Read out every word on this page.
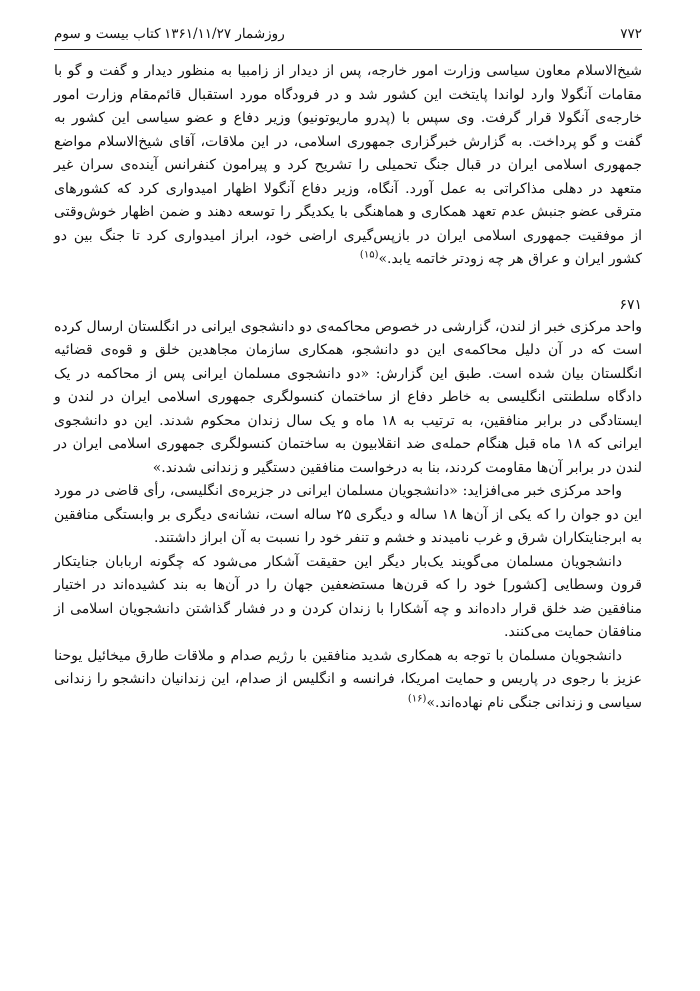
۷۷۲
روزشمار ۱۳۶۱/۱۱/۲۷
کتاب بیست و سوم

شیخ‌الاسلام معاون سیاسی وزارت امور خارجه، پس از دیدار از زامبیا به منظور دیدار و گفت و گو با مقامات آنگولا وارد لواندا پایتخت این کشور شد و در فرودگاه مورد استقبال قائم‌مقام وزارت امور خارجه‌ی آنگولا قرار گرفت. وی سپس با (پدرو ماریوتونیو) وزیر دفاع و عضو سیاسی این کشور به گفت و گو پرداخت. به گزارش خبرگزاری جمهوری اسلامی، در این ملاقات، آقای شیخ‌الاسلام مواضع جمهوری اسلامی ایران در قبال جنگ تحمیلی را تشریح کرد و پیرامون کنفرانس آینده‌ی سران غیر متعهد در دهلی مذاکراتی به عمل آورد. آنگاه، وزیر دفاع آنگولا اظهار امیدواری کرد که کشورهای مترقی عضو جنبش عدم تعهد همکاری و هماهنگی با یکدیگر را توسعه دهند و ضمن اظهار خوش‌وقتی از موفقیت جمهوری اسلامی ایران در بازپس‌گیری اراضی خود، ابراز امیدواری کرد تا جنگ بین دو کشور ایران و عراق هر چه زودتر خاتمه یابد.»$^{(۱۵)}$

۶۷۱

واحد مرکزی خبر از لندن، گزارشی در خصوص محاکمه‌ی دو دانشجوی ایرانی در انگلستان ارسال کرده است که در آن دلیل محاکمه‌ی این دو دانشجو، همکاری سازمان مجاهدین خلق و قوه‌ی قضائیه انگلستان بیان شده است. طبق این گزارش: «دو دانشجوی مسلمان ایرانی پس از محاکمه در یک دادگاه سلطنتی انگلیسی به خاطر دفاع از ساختمان کنسولگری جمهوری اسلامی ایران در لندن و ایستادگی در برابر منافقین، به ترتیب به ۱۸ ماه و یک سال زندان محکوم شدند. این دو دانشجوی ایرانی که ۱۸ ماه قبل هنگام حمله‌ی ضد انقلابیون به ساختمان کنسولگری جمهوری اسلامی ایران در لندن در برابر آن‌ها مقاومت کردند، بنا به درخواست منافقین دستگیر و زندانی شدند.»

واحد مرکزی خبر می‌افزاید: «دانشجویان مسلمان ایرانی در جزیره‌ی انگلیسی، رأی قاضی در مورد این دو جوان را که یکی از آن‌ها ۱۸ ساله و دیگری ۲۵ ساله است، نشانه‌ی دیگری بر وابستگی منافقین به ابرجنایتکاران شرق و غرب نامیدند و خشم و تنفر خود را نسبت به آن ابراز داشتند.

دانشجویان مسلمان می‌گویند یک‌بار دیگر این حقیقت آشکار می‌شود که چگونه اربابان جنایتکار قرون وسطایی [کشور] خود را که قرن‌ها مستضعفین جهان را در آن‌ها به بند کشیده‌اند در اختیار منافقین ضد خلق قرار داده‌اند و چه آشکارا با زندان کردن و در فشار گذاشتن دانشجویان اسلامی از منافقان حمایت می‌کنند.

دانشجویان مسلمان با توجه به همکاری شدید منافقین با رژیم صدام و ملاقات طارق میخائیل یوحنا عزیز با رجوی در پاریس و حمایت امریکا، فرانسه و انگلیس از صدام، این زندانیان دانشجو را زندانی سیاسی و زندانی جنگی نام نهاده‌اند.»$^{(۱۶)}$
